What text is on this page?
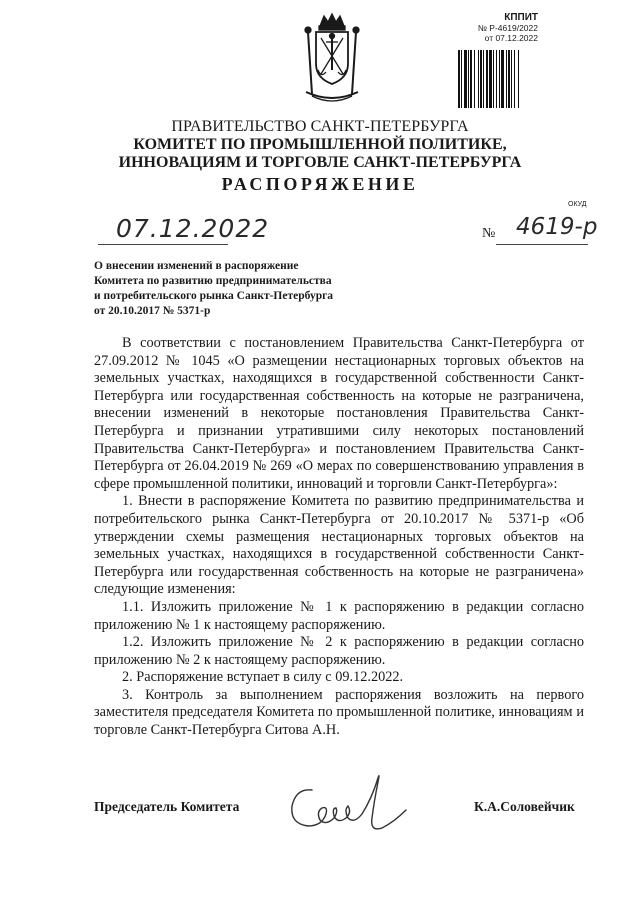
КППИТ
№ Р-4619/2022
от 07.12.2022
ПРАВИТЕЛЬСТВО САНКТ-ПЕТЕРБУРГА
КОМИТЕТ ПО ПРОМЫШЛЕННОЙ ПОЛИТИКЕ,
ИННОВАЦИЯМ И ТОРГОВЛЕ САНКТ-ПЕТЕРБУРГА
РАСПОРЯЖЕНИЕ
ОКУД
07.12.2022	№ 4619-р
О внесении изменений в распоряжение
Комитета по развитию предпринимательства
и потребительского рынка Санкт-Петербурга
от 20.10.2017 № 5371-р

В соответствии с постановлением Правительства Санкт-Петербурга от 27.09.2012 № 1045 «О размещении нестационарных торговых объектов на земельных участках, находящихся в государственной собственности Санкт-Петербурга или государственная собственность на которые не разграничена, внесении изменений в некоторые постановления Правительства Санкт-Петербурга и признании утратившими силу некоторых постановлений Правительства Санкт-Петербурга» и постановлением Правительства Санкт-Петербурга от 26.04.2019 № 269 «О мерах по совершенствованию управления в сфере промышленной политики, инноваций и торговли Санкт-Петербурга»:

1. Внести в распоряжение Комитета по развитию предпринимательства и потребительского рынка Санкт-Петербурга от 20.10.2017 № 5371-р «Об утверждении схемы размещения нестационарных торговых объектов на земельных участках, находящихся в государственной собственности Санкт-Петербурга или государственная собственность на которые не разграничена» следующие изменения:

1.1. Изложить приложение № 1 к распоряжению в редакции согласно приложению № 1 к настоящему распоряжению.

1.2. Изложить приложение № 2 к распоряжению в редакции согласно приложению № 2 к настоящему распоряжению.

2. Распоряжение вступает в силу с 09.12.2022.

3. Контроль за выполнением распоряжения возложить на первого заместителя председателя Комитета по промышленной политике, инновациям и торговле Санкт-Петербурга Ситова А.Н.

Председатель Комитета	К.А.Соловейчик
